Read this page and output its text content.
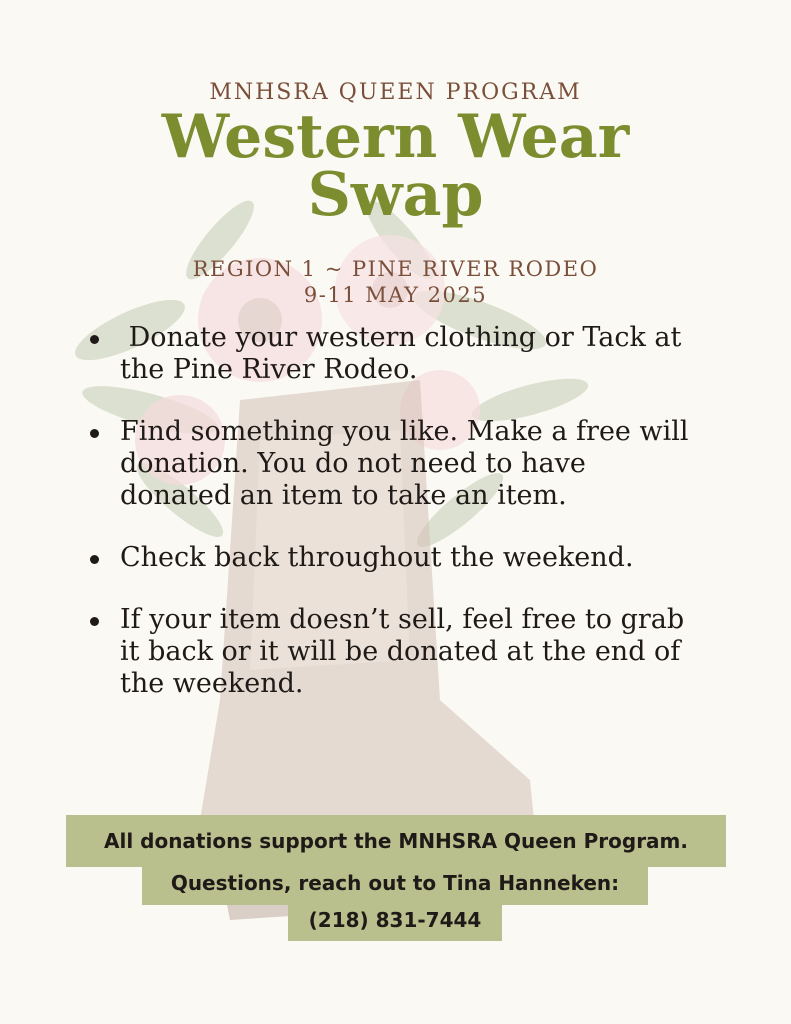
MNHSRA QUEEN PROGRAM
Western Wear
Swap
REGION 1 ~ PINE RIVER RODEO
9-11 MAY 2025
Donate your western clothing or Tack at the Pine River Rodeo.
Find something you like. Make a free will donation. You do not need to have donated an item to take an item.
Check back throughout the weekend.
If your item doesn’t sell, feel free to grab it back or it will be donated at the end of the weekend.
All donations support the MNHSRA Queen Program.
Questions, reach out to Tina Hanneken:
(218) 831-7444
